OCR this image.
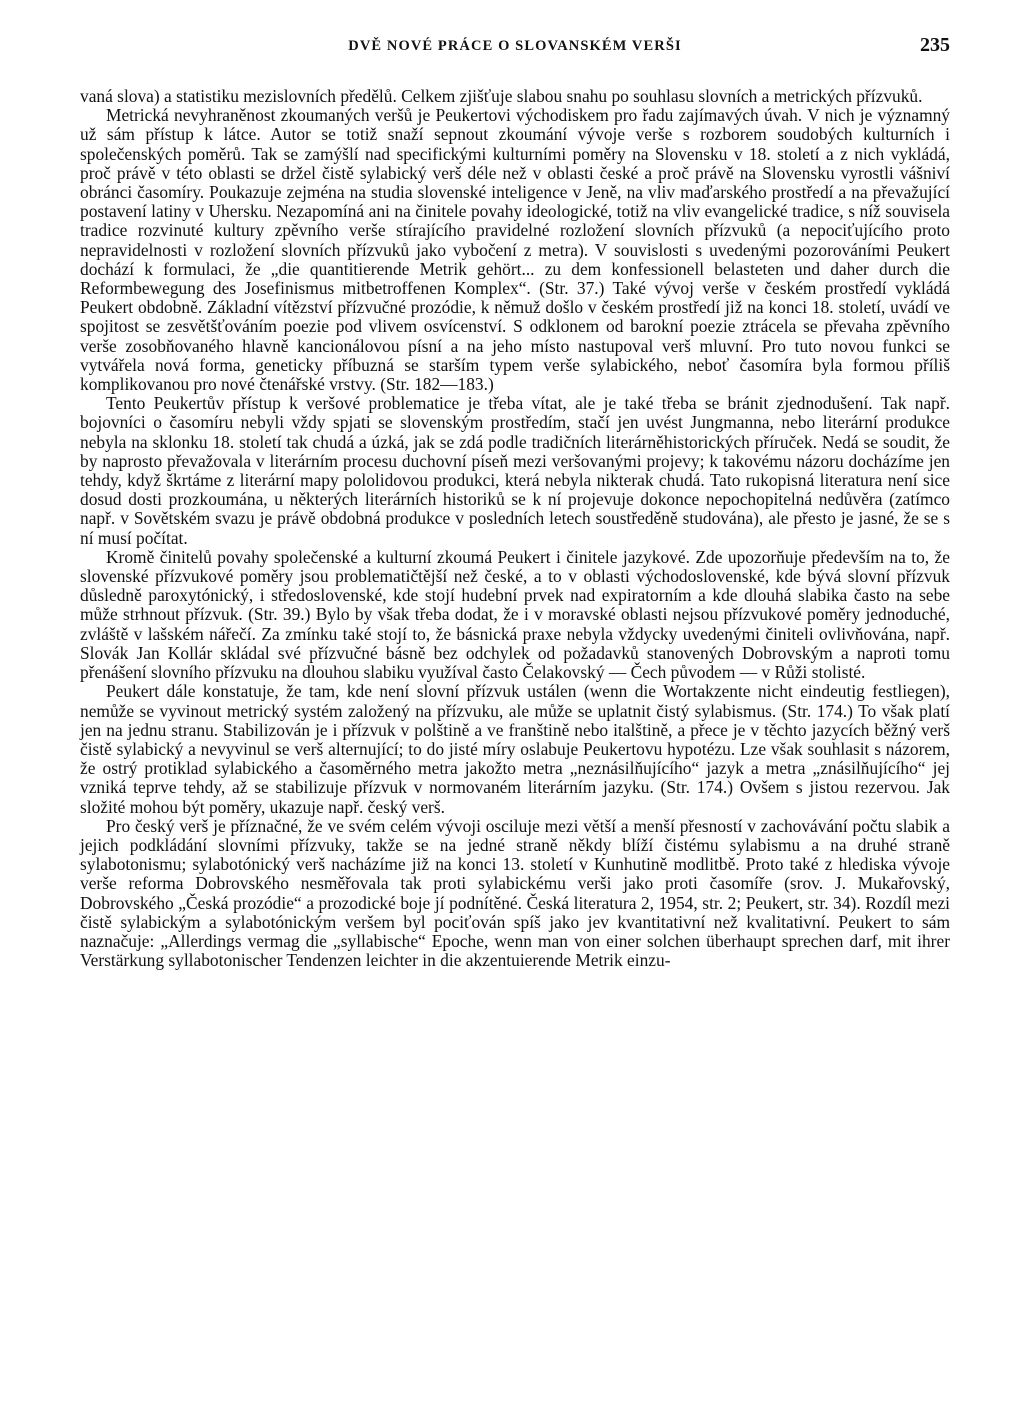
DVĚ NOVÉ PRÁCE O SLOVANSKÉM VERŠI	235

vaná slova) a statistiku mezislovních předělů. Celkem zjišťuje slabou snahu po souhlasu slovních a metrických přízvuků.

Metrická nevyhraněnost zkoumaných veršů je Peukertovi východiskem pro řadu zajímavých úvah. V nich je významný už sám přístup k látce. Autor se totiž snaží sepnout zkoumání vývoje verše s rozborem soudobých kulturních i společenských poměrů. Tak se zamýšlí nad specifickými kulturními poměry na Slovensku v 18. století a z nich vykládá, proč právě v této oblasti se držel čistě sylabický verš déle než v oblasti české a proč právě na Slovensku vyrostli vášniví obránci časomíry. Poukazuje zejména na studia slovenské inteligence v Jeně, na vliv maďarského prostředí a na převažující postavení latiny v Uhersku. Nezapomíná ani na činitele povahy ideologické, totiž na vliv evangelické tradice, s níž souvisela tradice rozvinuté kultury zpěvního verše stírajícího pravidelné rozložení slovních přízvuků (a nepociťujícího proto nepravidelnosti v rozložení slovních přízvuků jako vybočení z metra). V souvislosti s uvedenými pozorováními Peukert dochází k formulaci, že „die quantitierende Metrik gehört... zu dem konfessionell belasteten und daher durch die Reformbewegung des Josefinismus mitbetroffenen Komplex“. (Str. 37.) Také vývoj verše v českém prostředí vykládá Peukert obdobně. Základní vítězství přízvučné prozódie, k němuž došlo v českém prostředí již na konci 18. století, uvádí ve spojitost se zesvětšťováním poezie pod vlivem osvícenství. S odklonem od barokní poezie ztrácela se převaha zpěvního verše zosobňovaného hlavně kancionálovou písní a na jeho místo nastupoval verš mluvní. Pro tuto novou funkci se vytvářela nová forma, geneticky příbuzná se starším typem verše sylabického, neboť časomíra byla formou příliš komplikovanou pro nové čtenářské vrstvy. (Str. 182—183.)

Tento Peukertův přístup k veršové problematice je třeba vítat, ale je také třeba se bránit zjednodušení. Tak např. bojovníci o časomíru nebyli vždy spjati se slovenským prostředím, stačí jen uvést Jungmanna, nebo literární produkce nebyla na sklonku 18. století tak chudá a úzká, jak se zdá podle tradičních literárněhistorických příruček. Nedá se soudit, že by naprosto převažovala v literárním procesu duchovní píseň mezi veršovanými projevy; k takovému názoru docházíme jen tehdy, když škrtáme z literární mapy pololidovou produkci, která nebyla nikterak chudá. Tato rukopisná literatura není sice dosud dosti prozkoumána, u některých literárních historiků se k ní projevuje dokonce nepochopitelná nedůvěra (zatímco např. v Sovětském svazu je právě obdobná produkce v posledních letech soustředěně studována), ale přesto je jasné, že se s ní musí počítat.

Kromě činitelů povahy společenské a kulturní zkoumá Peukert i činitele jazykové. Zde upozorňuje především na to, že slovenské přízvukové poměry jsou problematičtější než české, a to v oblasti východoslovenské, kde bývá slovní přízvuk důsledně paroxytónický, i středoslovenské, kde stojí hudební prvek nad expiratorním a kde dlouhá slabika často na sebe může strhnout přízvuk. (Str. 39.) Bylo by však třeba dodat, že i v moravské oblasti nejsou přízvukové poměry jednoduché, zvláště v lašském nářečí. Za zmínku také stojí to, že básnická praxe nebyla vždycky uvedenými činiteli ovlivňována, např. Slovák Jan Kollár skládal své přízvučné básně bez odchylek od požadavků stanovených Dobrovským a naproti tomu přenášení slovního přízvuku na dlouhou slabiku využíval často Čelakovský — Čech původem — v Růži stolisté.

Peukert dále konstatuje, že tam, kde není slovní přízvuk ustálen (wenn die Wortakzente nicht eindeutig festliegen), nemůže se vyvinout metrický systém založený na přízvuku, ale může se uplatnit čistý sylabismus. (Str. 174.) To však platí jen na jednu stranu. Stabilizován je i přízvuk v polštině a ve franštině nebo italštině, a přece je v těchto jazycích běžný verš čistě sylabický a nevyvinul se verš alternující; to do jisté míry oslabuje Peukertovu hypotézu. Lze však souhlasit s názorem, že ostrý protiklad sylabického a časoměrného metra jakožto metra „neznásilňujícího“ jazyk a metra „znásilňujícího“ jej vzniká teprve tehdy, až se stabilizuje přízvuk v normovaném literárním jazyku. (Str. 174.) Ovšem s jistou rezervou. Jak složité mohou být poměry, ukazuje např. český verš.

Pro český verš je příznačné, že ve svém celém vývoji osciluje mezi větší a menší přesností v zachovávání počtu slabik a jejich podkládání slovními přízvuky, takže se na jedné straně někdy blíží čistému sylabismu a na druhé straně sylabotonismu; sylabotónický verš nacházíme již na konci 13. století v Kunhutině modlitbě. Proto také z hlediska vývoje verše reforma Dobrovského nesměřovala tak proti sylabickému verši jako proti časomíře (srov. J. Mukařovský, Dobrovského „Česká prozódie“ a prozodické boje jí podnítěné. Česká literatura 2, 1954, str. 2; Peukert, str. 34). Rozdíl mezi čistě sylabickým a sylabotónickým veršem byl pociťován spíš jako jev kvantitativní než kvalitativní. Peukert to sám naznačuje: „Allerdings vermag die „syllabische“ Epoche, wenn man von einer solchen überhaupt sprechen darf, mit ihrer Verstärkung syllabotonischer Tendenzen leichter in die akzentuierende Metrik einzu-
